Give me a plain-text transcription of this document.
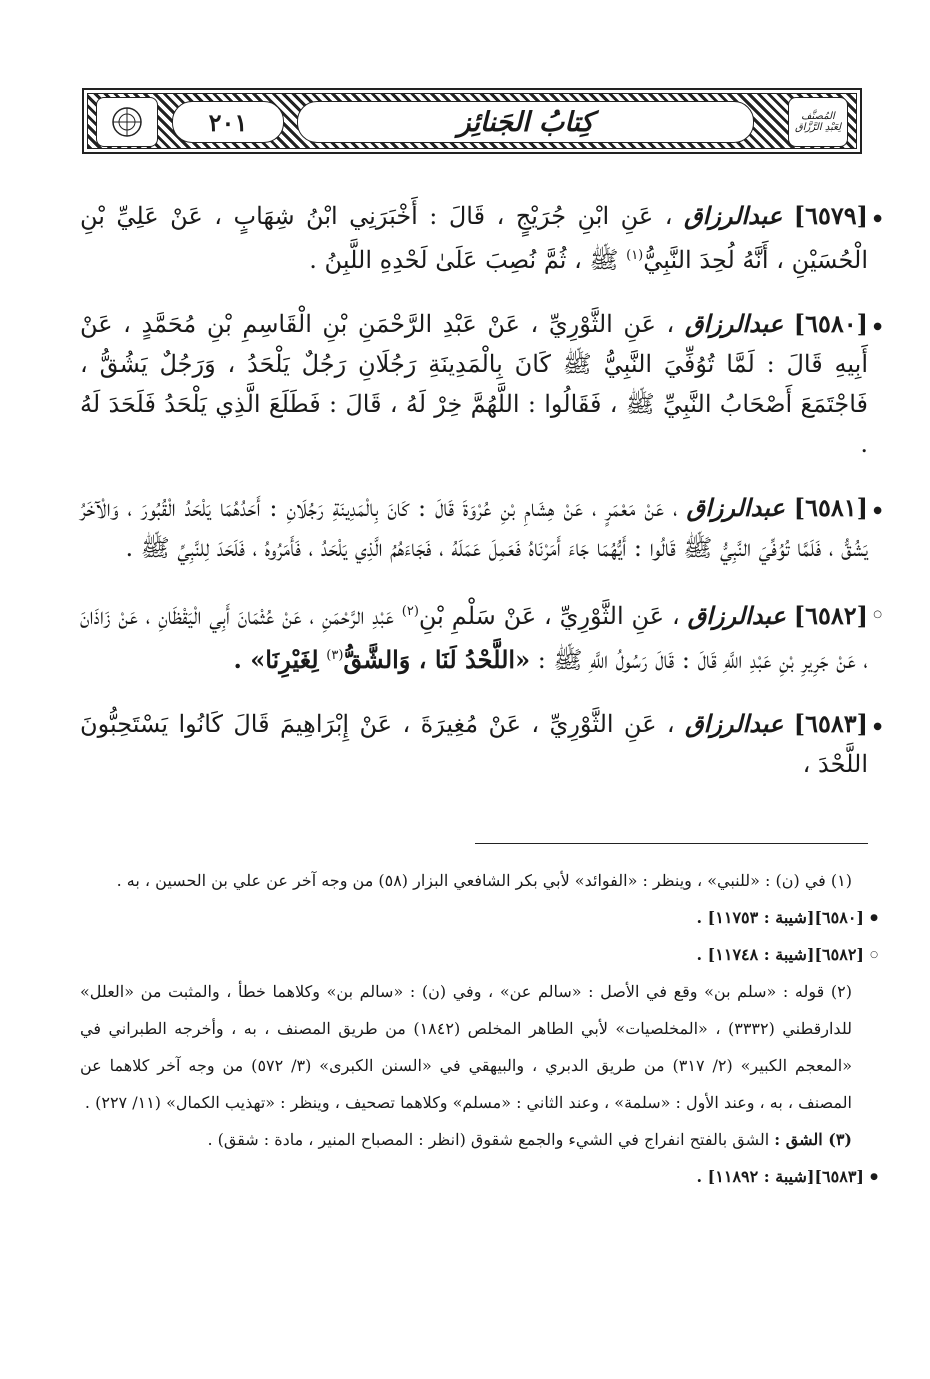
٢٠١	كِتابُ الجَنائِز	المُصنَّف
لِعَبْدِ الرَّزَّاق

●
[٦٥٧٩] عبدالرزاق ، عَنِ ابْنِ جُرَيْجٍ ، قَالَ : أَخْبَرَنِي ابْنُ شِهَابٍ ، عَنْ عَلِيِّ بْنِ الْحُسَيْنِ ، أَنَّهُ لُحِدَ النَّبِيُّ$^{(١)}$ ﷺ ، ثُمَّ نُصِبَ عَلَىٰ لَحْدِهِ اللَّبِنُ .

●
[٦٥٨٠] عبدالرزاق ، عَنِ الثَّوْرِيِّ ، عَنْ عَبْدِ الرَّحْمَنِ بْنِ الْقَاسِمِ بْنِ مُحَمَّدٍ ، عَنْ أَبِيهِ قَالَ : لَمَّا تُوُفِّيَ النَّبِيُّ ﷺ كَانَ بِالْمَدِينَةِ رَجُلَانِ رَجُلٌ يَلْحَدُ ، وَرَجُلٌ يَشُقُّ ، فَاجْتَمَعَ أَصْحَابُ النَّبِيِّ ﷺ ، فَقَالُوا : اللَّهُمَّ خِرْ لَهُ ، قَالَ : فَطَلَعَ الَّذِي يَلْحَدُ فَلَحَدَ لَهُ .

●
[٦٥٨١] عبدالرزاق ، عَنْ مَعْمَرٍ ، عَنْ هِشَامِ بْنِ عُرْوَةَ قَالَ : كَانَ بِالْمَدِينَةِ رَجُلَانِ : أَحَدُهُمَا يَلْحَدُ الْقُبُورَ ، وَالْآخَرُ يَشُقُّ ، فَلَمَّا تُوُفِّيَ النَّبِيُّ ﷺ قَالُوا : أَيُّهُمَا جَاءَ أَمَرْنَاهُ فَعَمِلَ عَمَلَهُ ، فَجَاءَهُمُ الَّذِي يَلْحَدُ ، فَأَمَرُوهُ ، فَلَحَدَ لِلنَّبِيِّ ﷺ .

○
[٦٥٨٢] عبدالرزاق ، عَنِ الثَّوْرِيِّ ، عَنْ سَلْمِ بْنِ$^{(٢)}$ عَبْدِ الرَّحْمَنِ ، عَنْ عُثْمَانَ أَبِي الْيَقْظَانِ ، عَنْ زَاذَانَ ، عَنْ جَرِيرِ بْنِ عَبْدِ اللَّهِ قَالَ : قَالَ رَسُولُ اللَّهِ ﷺ : «اللَّحْدُ لَنَا ، وَالشَّقُّ$^{(٣)}$ لِغَيْرِنَا» .

●
[٦٥٨٣] عبدالرزاق ، عَنِ الثَّوْرِيِّ ، عَنْ مُغِيرَةَ ، عَنْ إِبْرَاهِيمَ قَالَ كَانُوا يَسْتَحِبُّونَ اللَّحْدَ ،

(١) في (ن) : «للنبي» ، وينظر : «الفوائد» لأبي بكر الشافعي البزار (٥٨) من وجه آخر عن علي بن الحسين ، به .
●
[٦٥٨٠][شيبة : ١١٧٥٣] .
○
[٦٥٨٢][شيبة : ١١٧٤٨] .
(٢) قوله : «سلم بن» وقع في الأصل : «سالم عن» ، وفي (ن) : «سالم بن» وكلاهما خطأ ، والمثبت من «العلل» للدارقطني (٣٣٣٢) ، «المخلصيات» لأبي الطاهر المخلص (١٨٤٢) من طريق المصنف ، به ، وأخرجه الطبراني في «المعجم الكبير» (٢/ ٣١٧) من طريق الدبري ، والبيهقي في «السنن الكبرى» (٣/ ٥٧٢) من وجه آخر كلاهما عن المصنف ، به ، وعند الأول : «سلمة» ، وعند الثاني : «مسلم» وكلاهما تصحيف ، وينظر : «تهذيب الكمال» (١١/ ٢٢٧) .
(٣) الشق : الشق بالفتح انفراج في الشيء والجمع شقوق (انظر : المصباح المنير ، مادة : شقق) .
●
[٦٥٨٣][شيبة : ١١٨٩٢] .
